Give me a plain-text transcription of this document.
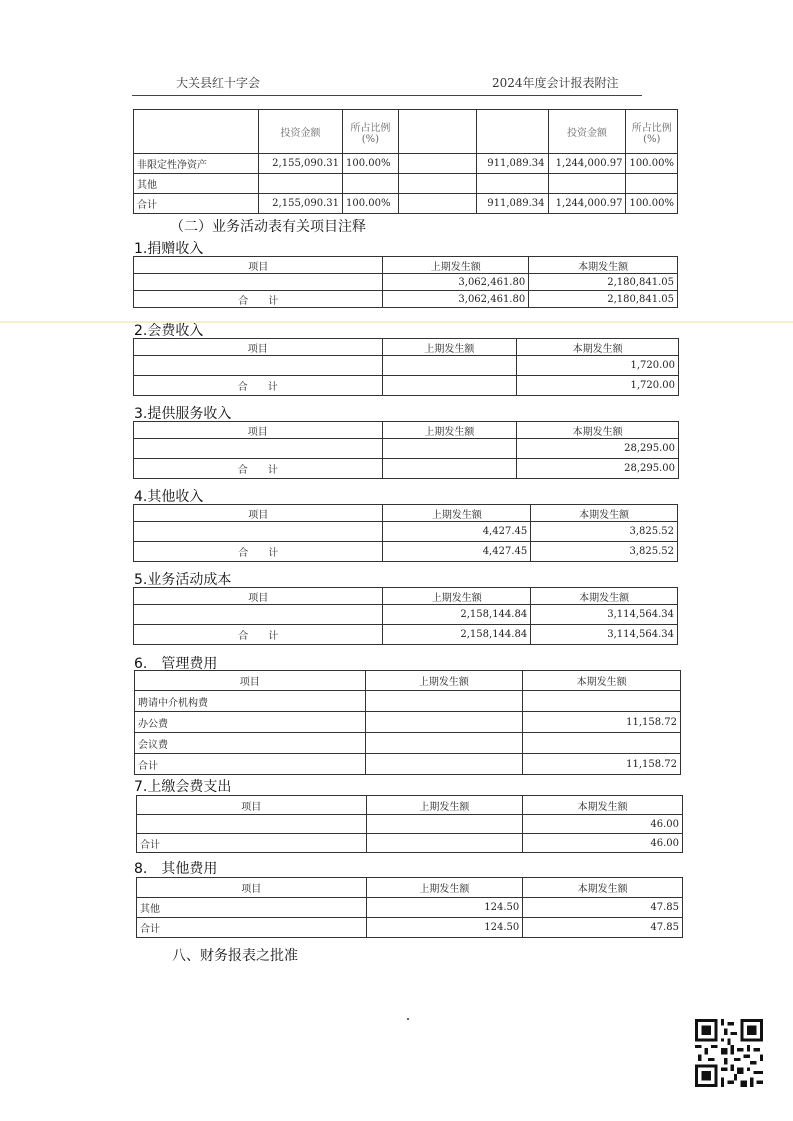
大关县红十字会	2024年度会计报表附注
	投资金额	所占比例(%)			投资金额	所占比例(%)
非限定性净资产	2,155,090.31	100.00%		911,089.34	1,244,000.97	100.00%
其他						
合计	2,155,090.31	100.00%		911,089.34	1,244,000.97	100.00%
（二）业务活动表有关项目注释
1.捐赠收入
项目	上期发生额	本期发生额
	3,062,461.80	2,180,841.05
合　　计	3,062,461.80	2,180,841.05
2.会费收入
项目	上期发生额	本期发生额
		1,720.00
合　　计		1,720.00
3.提供服务收入
项目	上期发生额	本期发生额
		28,295.00
合　　计		28,295.00
4.其他收入
项目	上期发生额	本期发生额
	4,427.45	3,825.52
合　　计	4,427.45	3,825.52
5.业务活动成本
项目	上期发生额	本期发生额
	2,158,144.84	3,114,564.34
合　　计	2,158,144.84	3,114,564.34
6.　管理费用
项目	上期发生额	本期发生额
聘请中介机构费		
办公费		11,158.72
会议费		
合计		11,158.72
7.上缴会费支出
项目	上期发生额	本期发生额
		46.00
合计		46.00
8.　其他费用
项目	上期发生额	本期发生额
其他	124.50	47.85
合计	124.50	47.85
八、财务报表之批准
